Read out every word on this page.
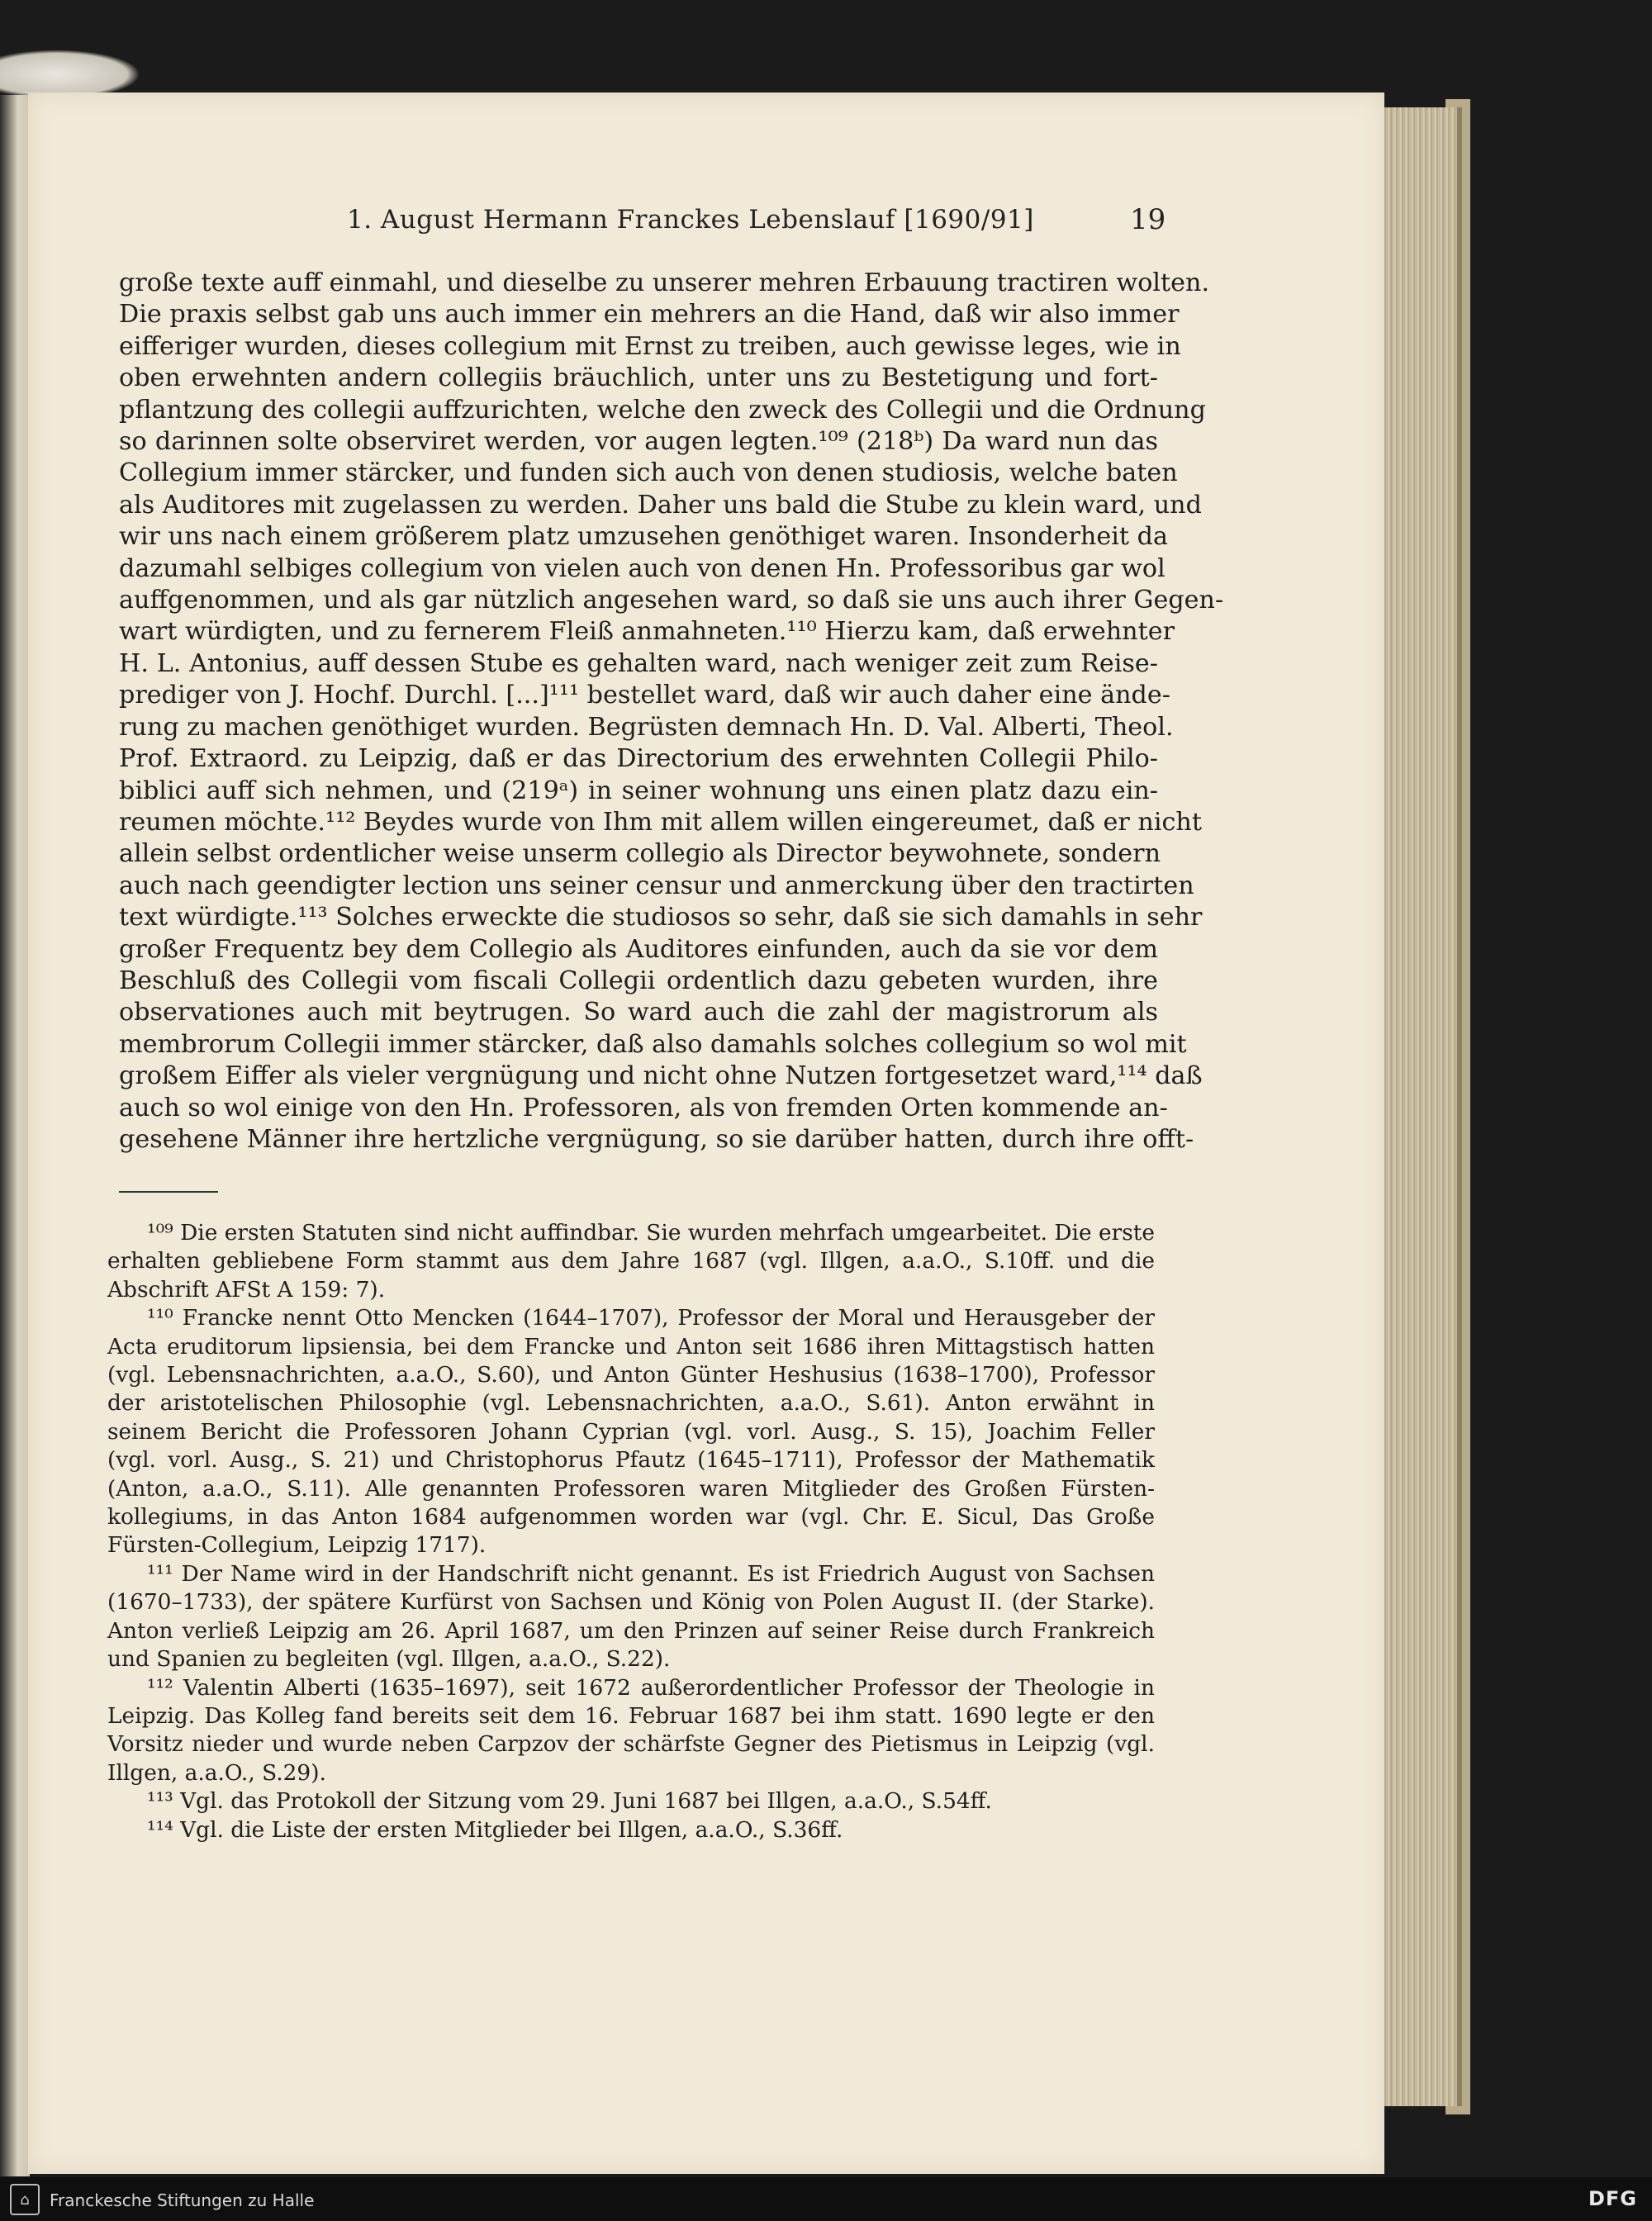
1. August Hermann Franckes Lebenslauf [1690/91]	19
große texte auff einmahl, und dieselbe zu unserer mehren Erbauung tractiren wolten.
Die praxis selbst gab uns auch immer ein mehrers an die Hand, daß wir also immer
eifferiger wurden, dieses collegium mit Ernst zu treiben, auch gewisse leges, wie in
oben erwehnten andern collegiis bräuchlich, unter uns zu Bestetigung und fort-
pflantzung des collegii auffzurichten, welche den zweck des Collegii und die Ordnung
so darinnen solte observiret werden, vor augen legten.¹⁰⁹ (218ᵇ) Da ward nun das
Collegium immer stärcker, und funden sich auch von denen studiosis, welche baten
als Auditores mit zugelassen zu werden. Daher uns bald die Stube zu klein ward, und
wir uns nach einem größerem platz umzusehen genöthiget waren. Insonderheit da
dazumahl selbiges collegium von vielen auch von denen Hn. Professoribus gar wol
auffgenommen, und als gar nützlich angesehen ward, so daß sie uns auch ihrer Gegen-
wart würdigten, und zu fernerem Fleiß anmahneten.¹¹⁰ Hierzu kam, daß erwehnter
H. L. Antonius, auff dessen Stube es gehalten ward, nach weniger zeit zum Reise-
prediger von J. Hochf. Durchl. [...]¹¹¹ bestellet ward, daß wir auch daher eine ände-
rung zu machen genöthiget wurden. Begrüsten demnach Hn. D. Val. Alberti, Theol.
Prof. Extraord. zu Leipzig, daß er das Directorium des erwehnten Collegii Philo-
biblici auff sich nehmen, und (219ᵃ) in seiner wohnung uns einen platz dazu ein-
reumen möchte.¹¹² Beydes wurde von Ihm mit allem willen eingereumet, daß er nicht
allein selbst ordentlicher weise unserm collegio als Director beywohnete, sondern
auch nach geendigter lection uns seiner censur und anmerckung über den tractirten
text würdigte.¹¹³ Solches erweckte die studiosos so sehr, daß sie sich damahls in sehr
großer Frequentz bey dem Collegio als Auditores einfunden, auch da sie vor dem
Beschluß des Collegii vom fiscali Collegii ordentlich dazu gebeten wurden, ihre
observationes auch mit beytrugen. So ward auch die zahl der magistrorum als
membrorum Collegii immer stärcker, daß also damahls solches collegium so wol mit
großem Eiffer als vieler vergnügung und nicht ohne Nutzen fortgesetzet ward,¹¹⁴ daß
auch so wol einige von den Hn. Professoren, als von fremden Orten kommende an-
gesehene Männer ihre hertzliche vergnügung, so sie darüber hatten, durch ihre offt-
¹⁰⁹ Die ersten Statuten sind nicht auffindbar. Sie wurden mehrfach umgearbeitet. Die erste
erhalten gebliebene Form stammt aus dem Jahre 1687 (vgl. Illgen, a.a.O., S.10ff. und die
Abschrift AFSt A 159: 7).
¹¹⁰ Francke nennt Otto Mencken (1644–1707), Professor der Moral und Herausgeber der
Acta eruditorum lipsiensia, bei dem Francke und Anton seit 1686 ihren Mittagstisch hatten
(vgl. Lebensnachrichten, a.a.O., S.60), und Anton Günter Heshusius (1638–1700), Professor
der aristotelischen Philosophie (vgl. Lebensnachrichten, a.a.O., S.61). Anton erwähnt in
seinem Bericht die Professoren Johann Cyprian (vgl. vorl. Ausg., S. 15), Joachim Feller
(vgl. vorl. Ausg., S. 21) und Christophorus Pfautz (1645–1711), Professor der Mathematik
(Anton, a.a.O., S.11). Alle genannten Professoren waren Mitglieder des Großen Fürsten-
kollegiums, in das Anton 1684 aufgenommen worden war (vgl. Chr. E. Sicul, Das Große
Fürsten-Collegium, Leipzig 1717).
¹¹¹ Der Name wird in der Handschrift nicht genannt. Es ist Friedrich August von Sachsen
(1670–1733), der spätere Kurfürst von Sachsen und König von Polen August II. (der Starke).
Anton verließ Leipzig am 26. April 1687, um den Prinzen auf seiner Reise durch Frankreich
und Spanien zu begleiten (vgl. Illgen, a.a.O., S.22).
¹¹² Valentin Alberti (1635–1697), seit 1672 außerordentlicher Professor der Theologie in
Leipzig. Das Kolleg fand bereits seit dem 16. Februar 1687 bei ihm statt. 1690 legte er den
Vorsitz nieder und wurde neben Carpzov der schärfste Gegner des Pietismus in Leipzig (vgl.
Illgen, a.a.O., S.29).
¹¹³ Vgl. das Protokoll der Sitzung vom 29. Juni 1687 bei Illgen, a.a.O., S.54ff.
¹¹⁴ Vgl. die Liste der ersten Mitglieder bei Illgen, a.a.O., S.36ff.
⌂	Franckesche Stiftungen zu Halle	DFG
